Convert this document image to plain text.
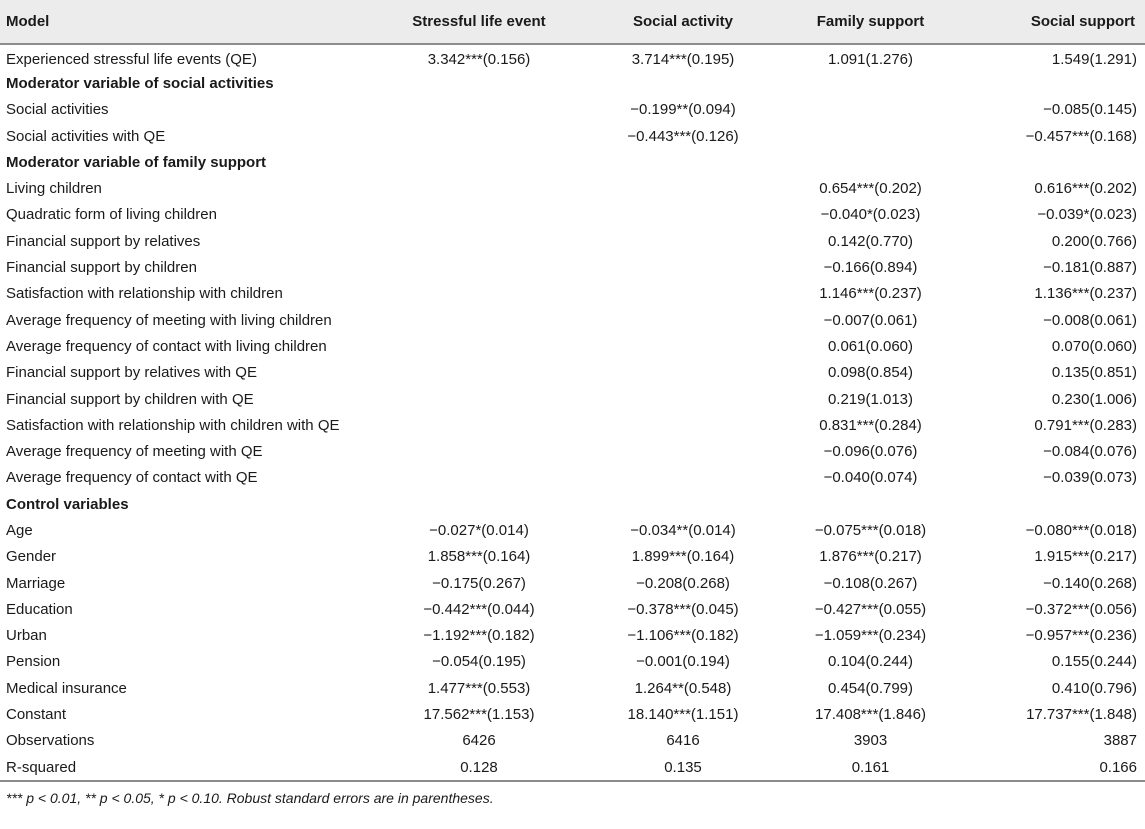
Model	Stressful life event	Social activity	Family support	Social support
Experienced stressful life events (QE)	3.342***(0.156)	3.714***(0.195)	1.091(1.276)	1.549(1.291)
Moderator variable of social activities				
Social activities		−0.199**(0.094)		−0.085(0.145)
Social activities with QE		−0.443***(0.126)		−0.457***(0.168)
Moderator variable of family support				
Living children			0.654***(0.202)	0.616***(0.202)
Quadratic form of living children			−0.040*(0.023)	−0.039*(0.023)
Financial support by relatives			0.142(0.770)	0.200(0.766)
Financial support by children			−0.166(0.894)	−0.181(0.887)
Satisfaction with relationship with children			1.146***(0.237)	1.136***(0.237)
Average frequency of meeting with living children			−0.007(0.061)	−0.008(0.061)
Average frequency of contact with living children			0.061(0.060)	0.070(0.060)
Financial support by relatives with QE			0.098(0.854)	0.135(0.851)
Financial support by children with QE			0.219(1.013)	0.230(1.006)
Satisfaction with relationship with children with QE			0.831***(0.284)	0.791***(0.283)
Average frequency of meeting with QE			−0.096(0.076)	−0.084(0.076)
Average frequency of contact with QE			−0.040(0.074)	−0.039(0.073)
Control variables				
Age	−0.027*(0.014)	−0.034**(0.014)	−0.075***(0.018)	−0.080***(0.018)
Gender	1.858***(0.164)	1.899***(0.164)	1.876***(0.217)	1.915***(0.217)
Marriage	−0.175(0.267)	−0.208(0.268)	−0.108(0.267)	−0.140(0.268)
Education	−0.442***(0.044)	−0.378***(0.045)	−0.427***(0.055)	−0.372***(0.056)
Urban	−1.192***(0.182)	−1.106***(0.182)	−1.059***(0.234)	−0.957***(0.236)
Pension	−0.054(0.195)	−0.001(0.194)	0.104(0.244)	0.155(0.244)
Medical insurance	1.477***(0.553)	1.264**(0.548)	0.454(0.799)	0.410(0.796)
Constant	17.562***(1.153)	18.140***(1.151)	17.408***(1.846)	17.737***(1.848)
Observations	6426	6416	3903	3887
R-squared	0.128	0.135	0.161	0.166
*** p < 0.01, ** p < 0.05, * p < 0.10. Robust standard errors are in parentheses.
